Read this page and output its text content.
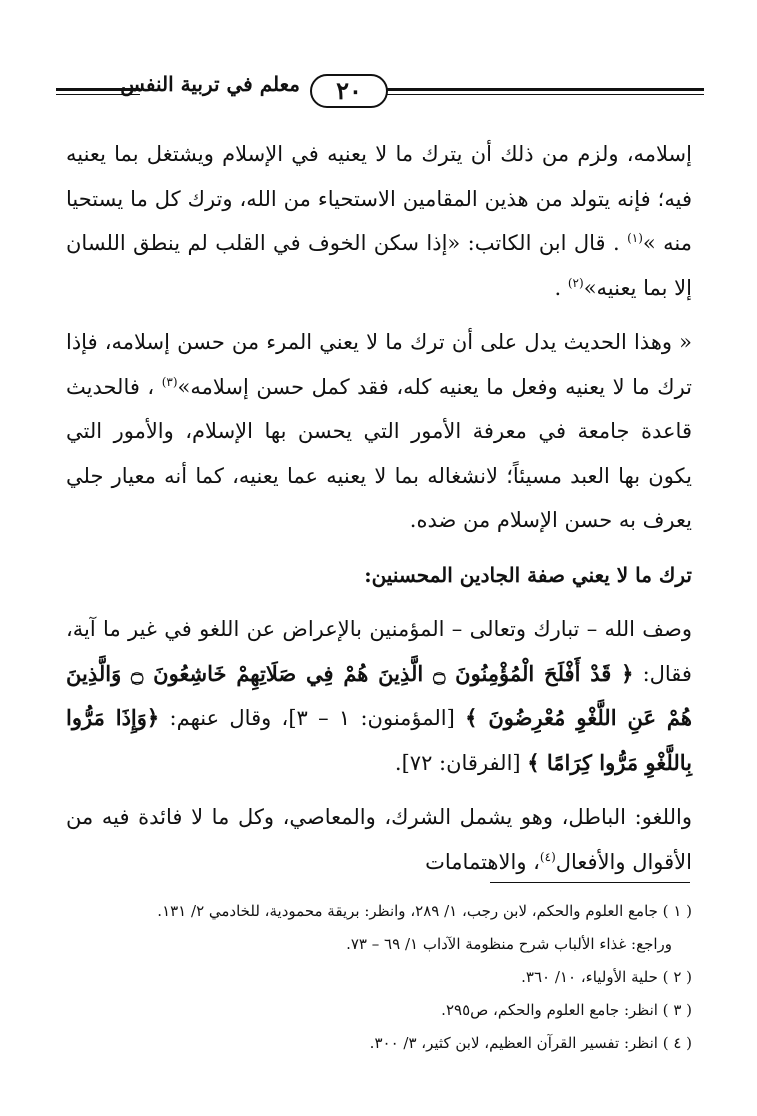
معلم في تربية النفس	٢٠

إسلامه، ولزم من ذلك أن يترك ما لا يعنيه في الإسلام ويشتغل بما يعنيه فيه؛ فإنه يتولد من هذين المقامين الاستحياء من الله، وترك كل ما يستحيا منه »$^{(١)}$ . قال ابن الكاتب: «إذا سكن الخوف في القلب لم ينطق اللسان إلا بما يعنيه»$^{(٢)}$ .

« وهذا الحديث يدل على أن ترك ما لا يعني المرء من حسن إسلامه، فإذا ترك ما لا يعنيه وفعل ما يعنيه كله، فقد كمل حسن إسلامه»$^{(٣)}$ ، فالحديث قاعدة جامعة في معرفة الأمور التي يحسن بها الإسلام، والأمور التي يكون بها العبد مسيئاً؛ لانشغاله بما لا يعنيه عما يعنيه، كما أنه معيار جلي يعرف به حسن الإسلام من ضده.

ترك ما لا يعني صفة الجادين المحسنين:

وصف الله – تبارك وتعالى – المؤمنين بالإعراض عن اللغو في غير ما آية، فقال: ﴿ قَدْ أَفْلَحَ الْمُؤْمِنُونَ ۝ الَّذِينَ هُمْ فِي صَلَاتِهِمْ خَاشِعُونَ ۝ وَالَّذِينَ هُمْ عَنِ اللَّغْوِ مُعْرِضُونَ ﴾ [المؤمنون: ١ – ٣]، وقال عنهم: ﴿وَإِذَا مَرُّوا بِاللَّغْوِ مَرُّوا كِرَامًا ﴾ [الفرقان: ٧٢].

واللغو: الباطل، وهو يشمل الشرك، والمعاصي، وكل ما لا فائدة فيه من الأقوال والأفعال$^{(٤)}$، والاهتمامات

( ١ ) جامع العلوم والحكم، لابن رجب، ١/ ٢٨٩، وانظر: بريقة محمودية، للخادمي ٢/ ١٣١.

وراجع: غذاء الألباب شرح منظومة الآداب ١/ ٦٩ – ٧٣.

( ٢ ) حلية الأولياء، ١٠/ ٣٦٠.

( ٣ ) انظر: جامع العلوم والحكم، ص٢٩٥.

( ٤ ) انظر: تفسير القرآن العظيم، لابن كثير، ٣/ ٣٠٠.
